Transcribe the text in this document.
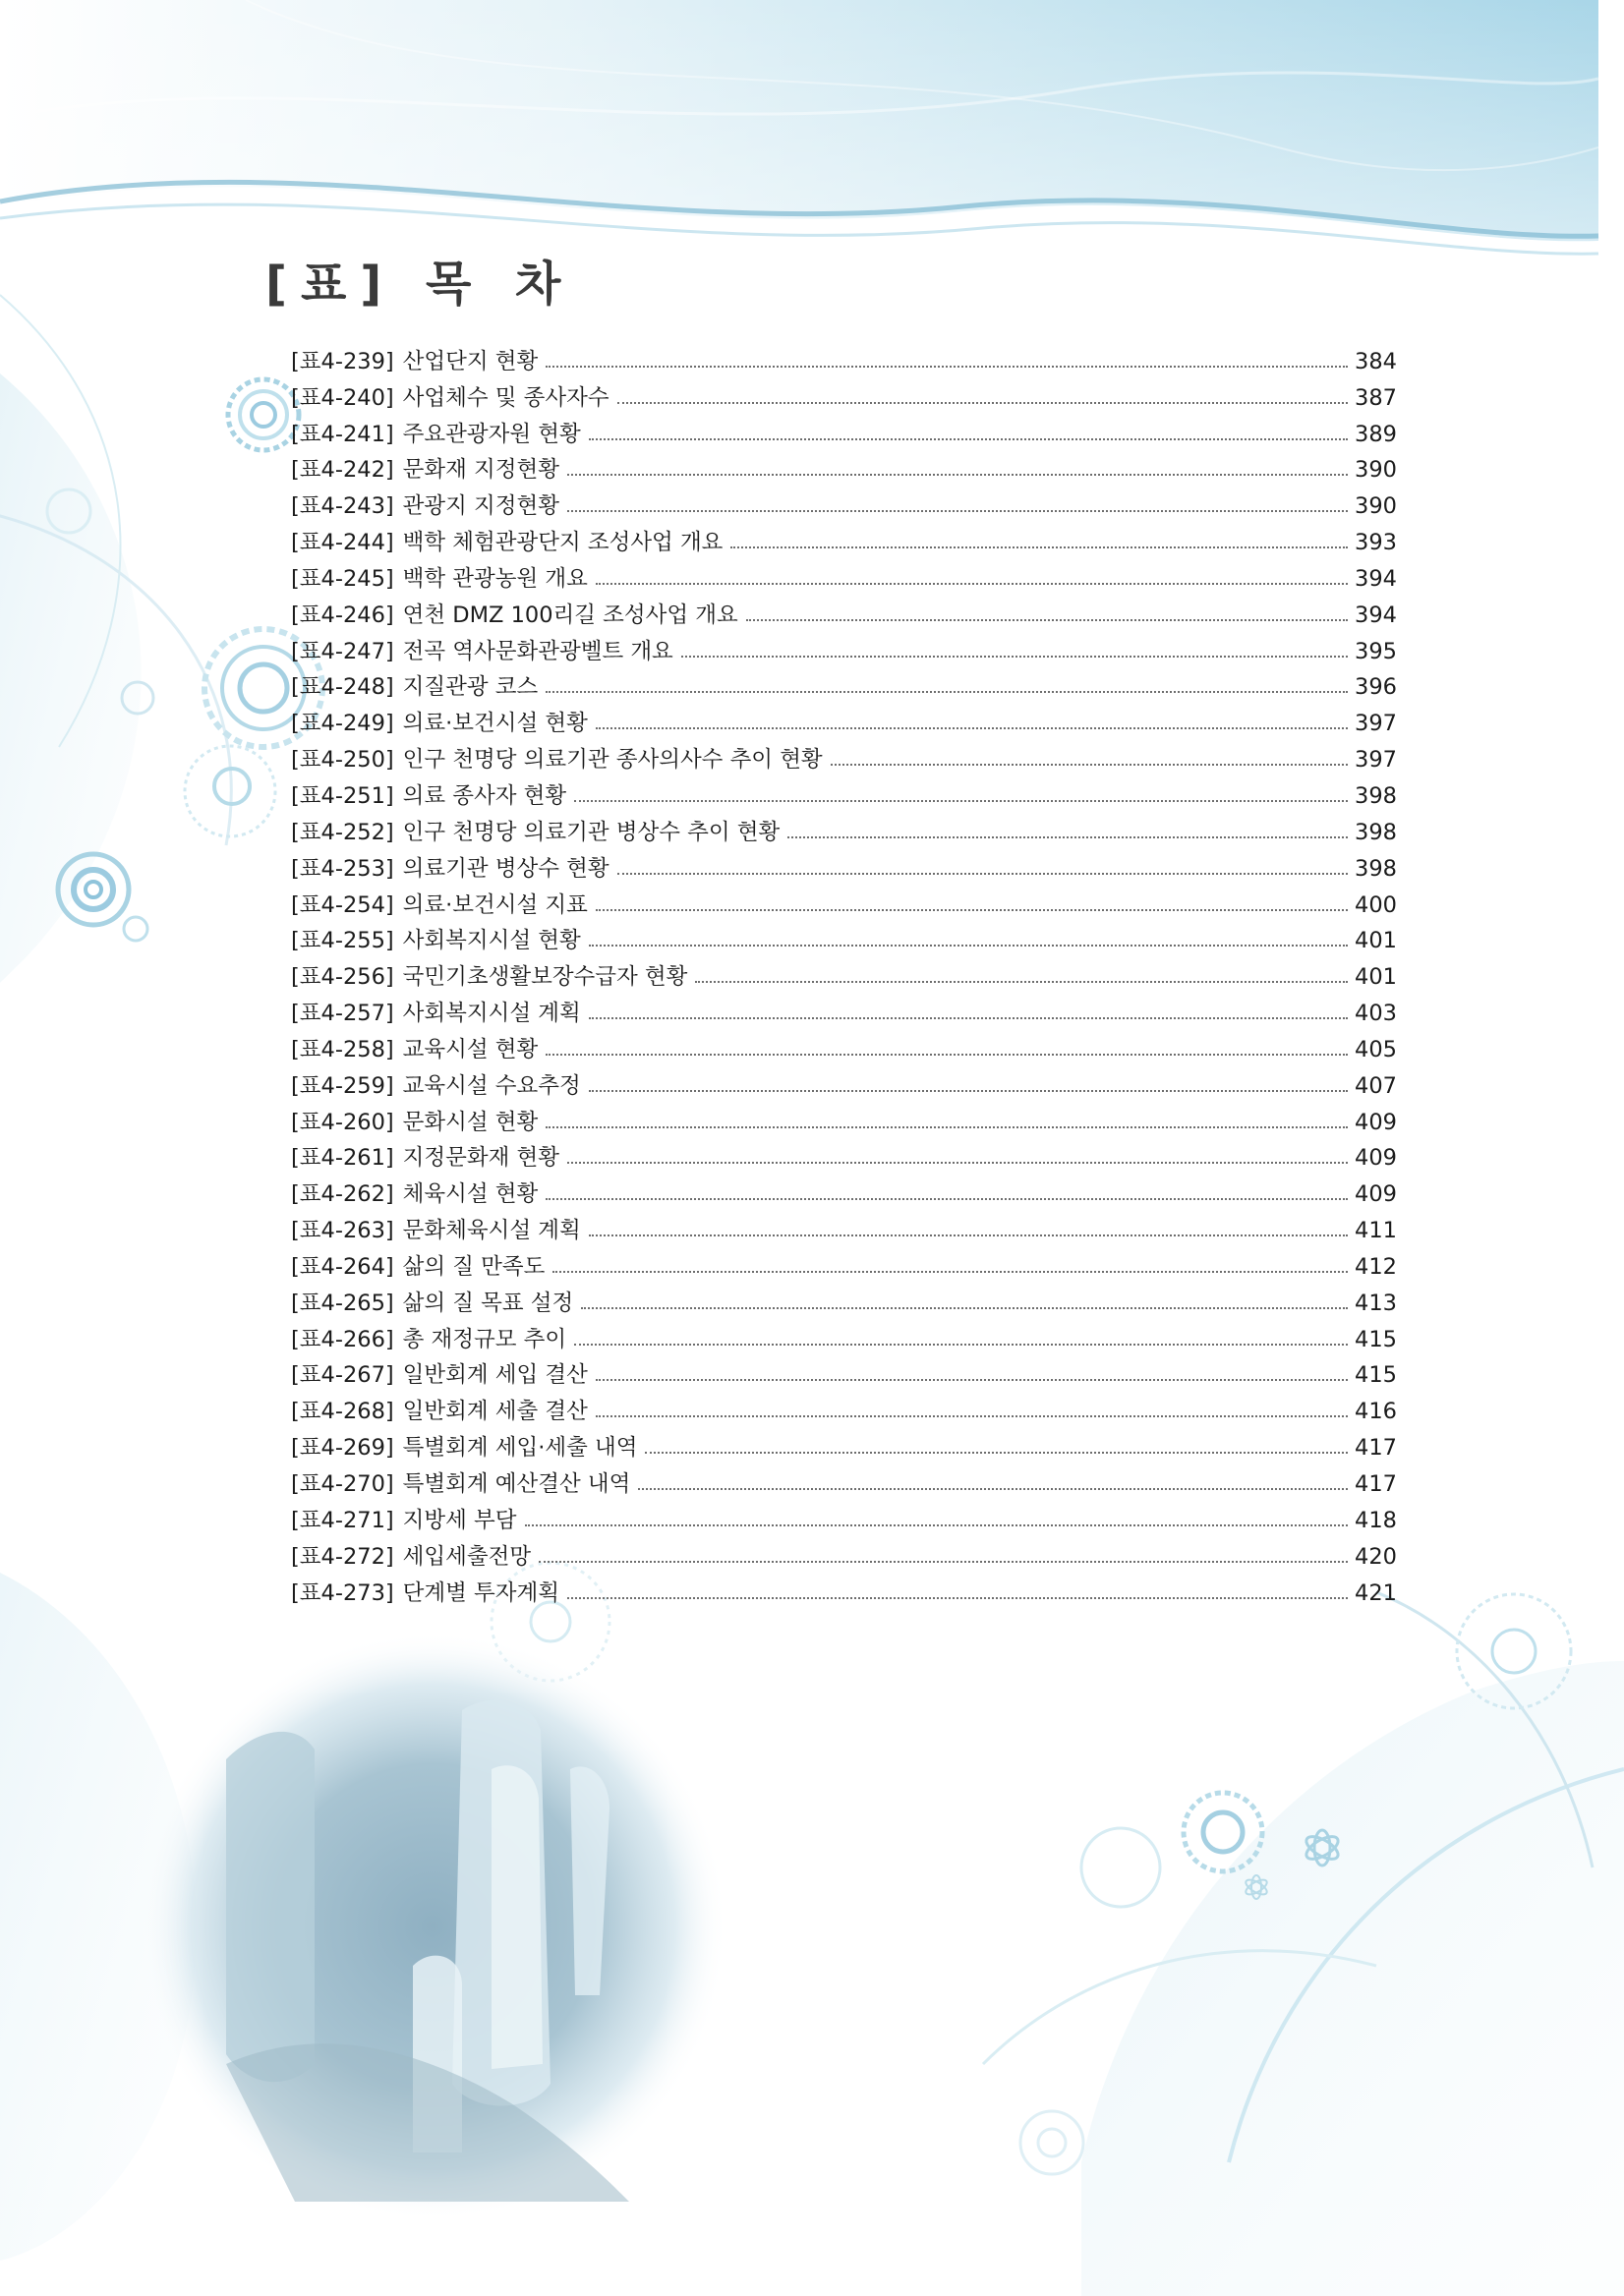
[표] 목 차
[표4-239] 산업단지 현황	384
[표4-240] 사업체수 및 종사자수	387
[표4-241] 주요관광자원 현황	389
[표4-242] 문화재 지정현황	390
[표4-243] 관광지 지정현황	390
[표4-244] 백학 체험관광단지 조성사업 개요	393
[표4-245] 백학 관광농원 개요	394
[표4-246] 연천 DMZ 100리길 조성사업 개요	394
[표4-247] 전곡 역사문화관광벨트 개요	395
[표4-248] 지질관광 코스	396
[표4-249] 의료·보건시설 현황	397
[표4-250] 인구 천명당 의료기관 종사의사수 추이 현황	397
[표4-251] 의료 종사자 현황	398
[표4-252] 인구 천명당 의료기관 병상수 추이 현황	398
[표4-253] 의료기관 병상수 현황	398
[표4-254] 의료·보건시설 지표	400
[표4-255] 사회복지시설 현황	401
[표4-256] 국민기초생활보장수급자 현황	401
[표4-257] 사회복지시설 계획	403
[표4-258] 교육시설 현황	405
[표4-259] 교육시설 수요추정	407
[표4-260] 문화시설 현황	409
[표4-261] 지정문화재 현황	409
[표4-262] 체육시설 현황	409
[표4-263] 문화체육시설 계획	411
[표4-264] 삶의 질 만족도	412
[표4-265] 삶의 질 목표 설정	413
[표4-266] 총 재정규모 추이	415
[표4-267] 일반회계 세입 결산	415
[표4-268] 일반회계 세출 결산	416
[표4-269] 특별회계 세입·세출 내역	417
[표4-270] 특별회계 예산결산 내역	417
[표4-271] 지방세 부담	418
[표4-272] 세입세출전망	420
[표4-273] 단계별 투자계획	421
